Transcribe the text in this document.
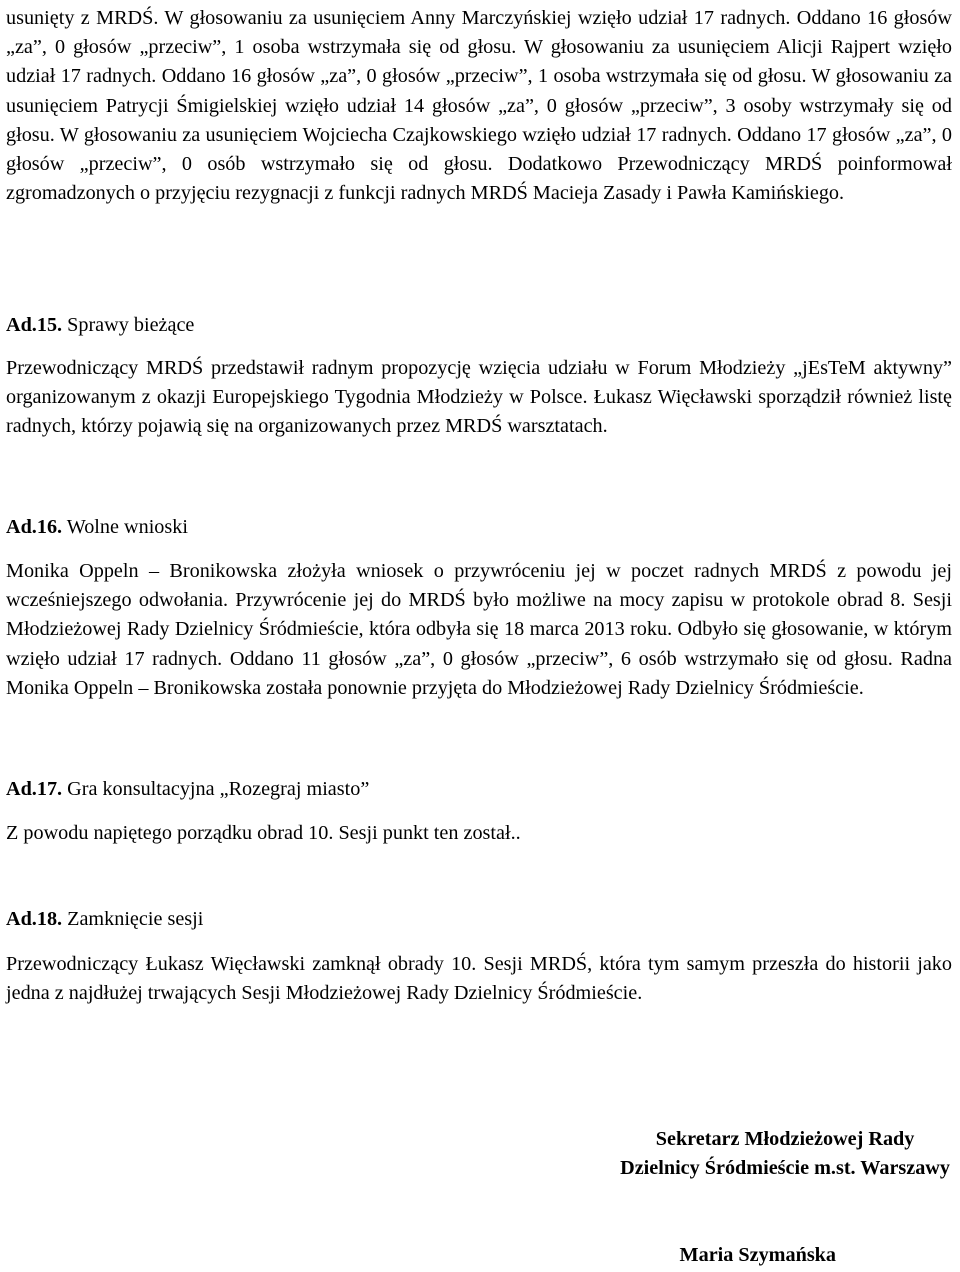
usunięty z MRDŚ. W głosowaniu za usunięciem Anny Marczyńskiej wzięło udział 17 radnych. Oddano 16 głosów „za”, 0 głosów „przeciw”, 1 osoba wstrzymała się od głosu. W głosowaniu za usunięciem Alicji Rajpert wzięło udział 17 radnych. Oddano 16 głosów „za”, 0 głosów „przeciw”, 1 osoba wstrzymała się od głosu. W głosowaniu za usunięciem Patrycji Śmigielskiej wzięło udział 14 głosów „za”, 0 głosów „przeciw”, 3 osoby wstrzymały się od głosu. W głosowaniu za usunięciem Wojciecha Czajkowskiego wzięło udział 17 radnych. Oddano 17 głosów „za”, 0 głosów „przeciw”, 0 osób wstrzymało się od głosu. Dodatkowo Przewodniczący MRDŚ poinformował zgromadzonych o przyjęciu rezygnacji z funkcji radnych MRDŚ Macieja Zasady i Pawła Kamińskiego.

Ad.15. Sprawy bieżące

Przewodniczący MRDŚ przedstawił radnym propozycję wzięcia udziału w Forum Młodzieży „jEsTeM aktywny” organizowanym z okazji Europejskiego Tygodnia Młodzieży w Polsce. Łukasz Więcławski sporządził również listę radnych, którzy pojawią się na organizowanych przez MRDŚ warsztatach.

Ad.16. Wolne wnioski

Monika Oppeln – Bronikowska złożyła wniosek o przywróceniu jej w poczet radnych MRDŚ z powodu jej wcześniejszego odwołania. Przywrócenie jej do MRDŚ było możliwe na mocy zapisu w protokole obrad 8. Sesji Młodzieżowej Rady Dzielnicy Śródmieście, która odbyła się 18 marca 2013 roku. Odbyło się głosowanie, w którym wzięło udział 17 radnych. Oddano 11 głosów „za”, 0 głosów „przeciw”, 6 osób wstrzymało się od głosu. Radna Monika Oppeln – Bronikowska została ponownie przyjęta do Młodzieżowej Rady Dzielnicy Śródmieście.

Ad.17. Gra konsultacyjna „Rozegraj miasto”

Z powodu napiętego porządku obrad 10. Sesji punkt ten został..

Ad.18. Zamknięcie sesji

Przewodniczący Łukasz Więcławski zamknął obrady 10. Sesji MRDŚ, która tym samym przeszła do historii jako jedna z najdłużej trwających Sesji Młodzieżowej Rady Dzielnicy Śródmieście.

Sekretarz Młodzieżowej Rady
Dzielnicy Śródmieście m.st. Warszawy
Maria Szymańska
